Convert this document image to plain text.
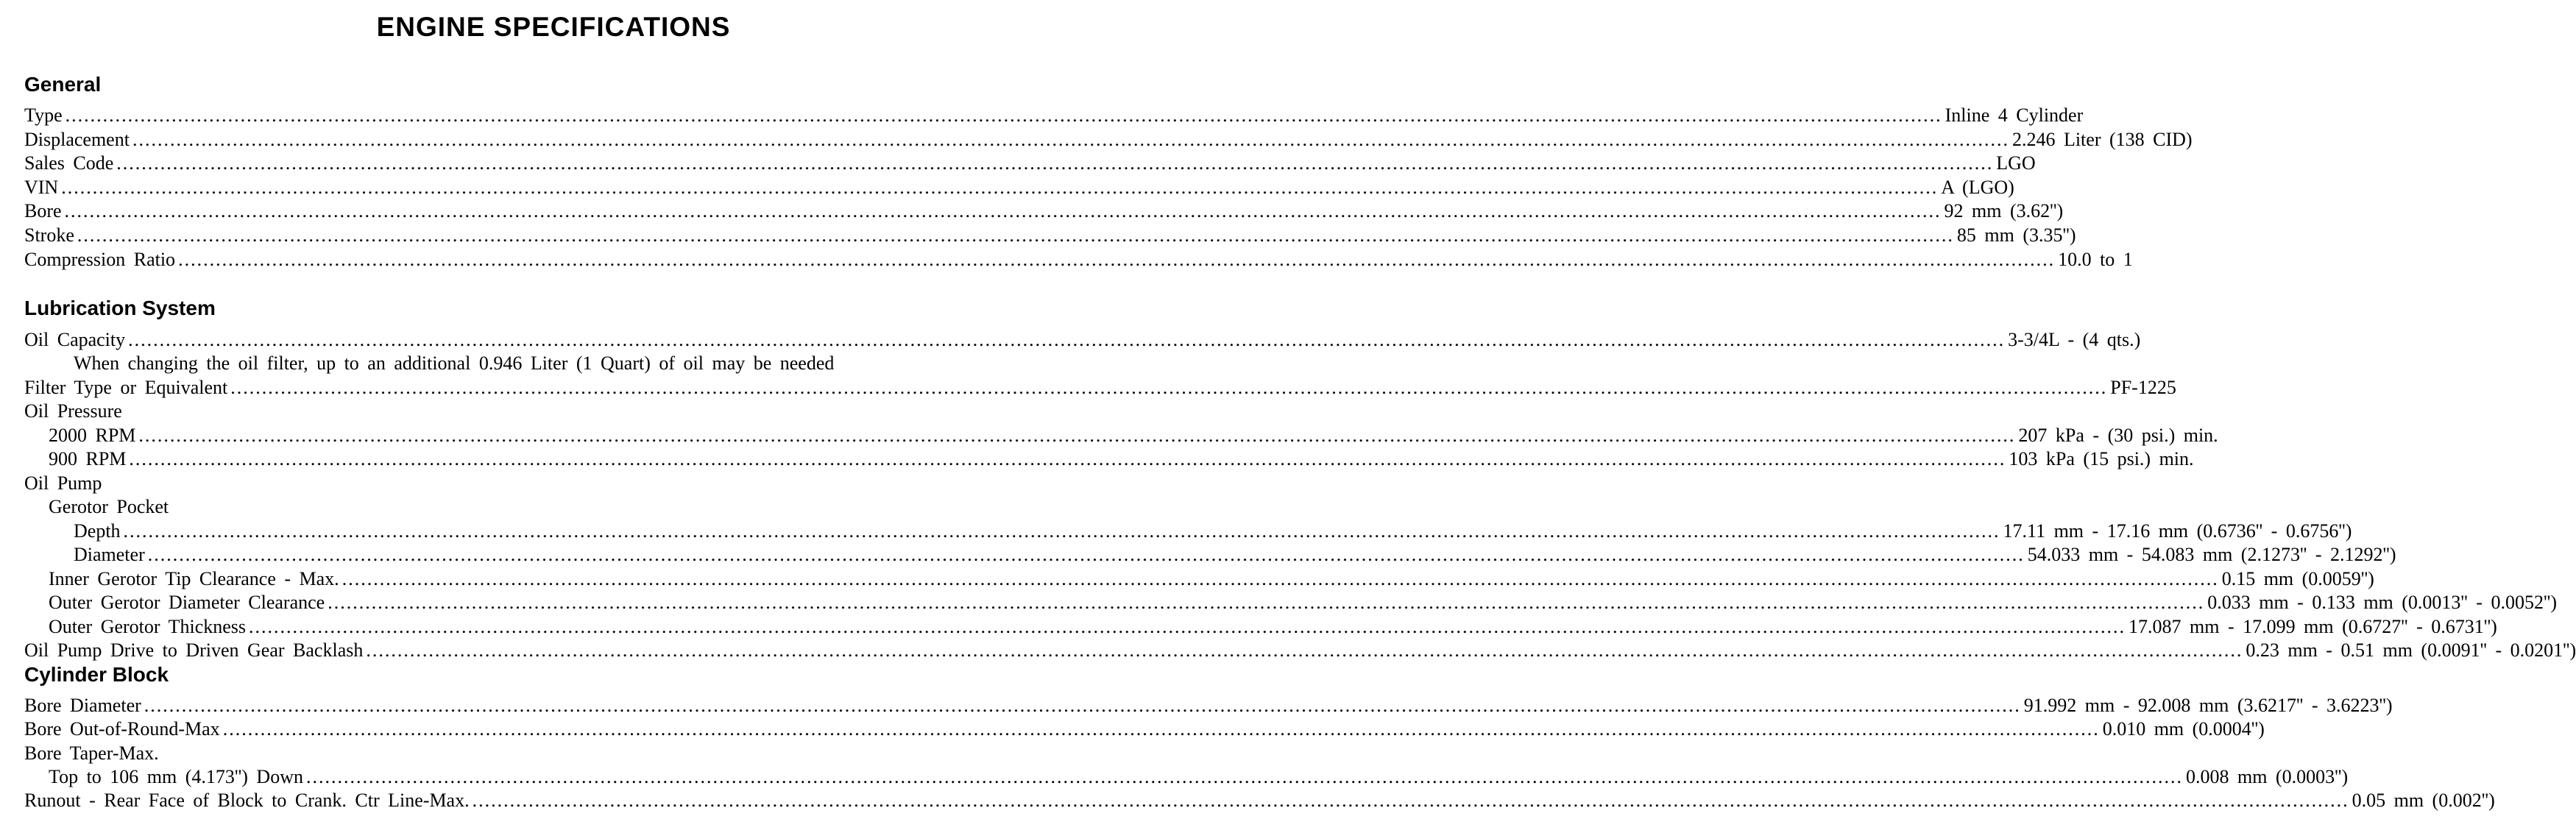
ENGINE SPECIFICATIONS
General
Type ............................................................................................................................................................................................................................................................................................................ Inline 4 Cylinder
Displacement ............................................................................................................................................................................................................................................................................................................ 2.246 Liter (138 CID)
Sales Code ............................................................................................................................................................................................................................................................................................................ LGO
VIN ............................................................................................................................................................................................................................................................................................................ A (LGO)
Bore ............................................................................................................................................................................................................................................................................................................ 92 mm (3.62'')
Stroke ............................................................................................................................................................................................................................................................................................................ 85 mm (3.35'')
Compression Ratio ............................................................................................................................................................................................................................................................................................................ 10.0 to 1
Lubrication System
Oil Capacity ............................................................................................................................................................................................................................................................................................................ 3-3/4L - (4 qts.)
When changing the oil filter, up to an additional 0.946 Liter (1 Quart) of oil may be needed
Filter Type or Equivalent ............................................................................................................................................................................................................................................................................................................ PF-1225
Oil Pressure
2000 RPM ............................................................................................................................................................................................................................................................................................................ 207 kPa - (30 psi.) min.
900 RPM ............................................................................................................................................................................................................................................................................................................ 103 kPa (15 psi.) min.
Oil Pump
Gerotor Pocket
Depth ............................................................................................................................................................................................................................................................................................................ 17.11 mm - 17.16 mm (0.6736'' - 0.6756'')
Diameter ............................................................................................................................................................................................................................................................................................................ 54.033 mm - 54.083 mm (2.1273'' - 2.1292'')
Inner Gerotor Tip Clearance - Max. ............................................................................................................................................................................................................................................................................................................ 0.15 mm (0.0059'')
Outer Gerotor Diameter Clearance ............................................................................................................................................................................................................................................................................................................ 0.033 mm - 0.133 mm (0.0013'' - 0.0052'')
Outer Gerotor Thickness ............................................................................................................................................................................................................................................................................................................ 17.087 mm - 17.099 mm (0.6727'' - 0.6731'')
Oil Pump Drive to Driven Gear Backlash ............................................................................................................................................................................................................................................................................................................ 0.23 mm - 0.51 mm (0.0091'' - 0.0201'')
Cylinder Block
Bore Diameter ............................................................................................................................................................................................................................................................................................................ 91.992 mm - 92.008 mm (3.6217'' - 3.6223'')
Bore Out-of-Round-Max ............................................................................................................................................................................................................................................................................................................ 0.010 mm (0.0004'')
Bore Taper-Max.
Top to 106 mm (4.173'') Down ............................................................................................................................................................................................................................................................................................................ 0.008 mm (0.0003'')
Runout - Rear Face of Block to Crank. Ctr Line-Max. ............................................................................................................................................................................................................................................................................................................ 0.05 mm (0.002'')
